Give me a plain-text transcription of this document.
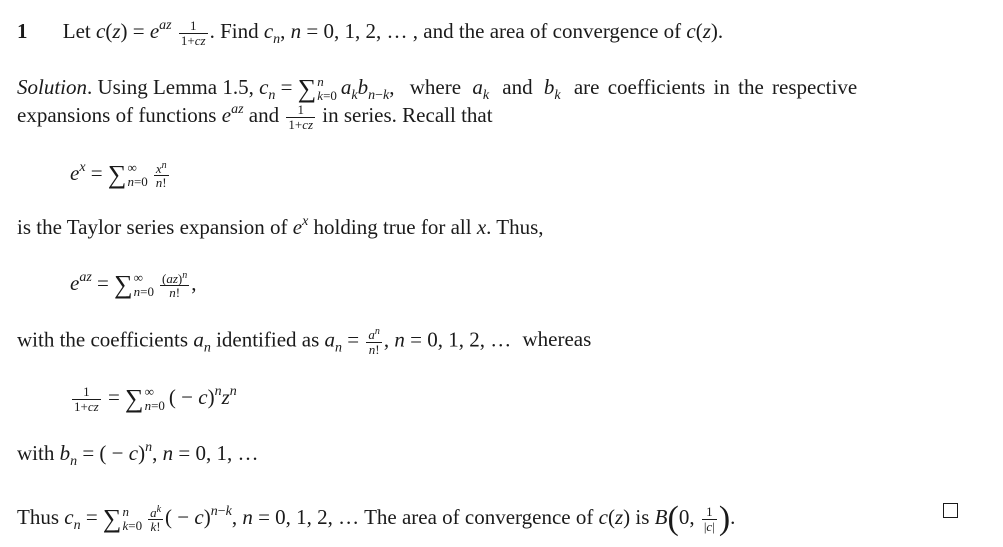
1 Let $c(z) = e^{az} \frac{1}{1+cz}$ . Find $c_n$, n = 0, 1, 2, … , and the area of convergence of c(z).
Solution. Using Lemma 1.5, $c_n$ = ∑ n
k=0 $a_kb_{n-k}$, where $a_k$ and $b_k$ are coefficients in the respective
expansions of functions $e^{az}$ and $\frac{1}{1+cz}$ in series. Recall that
$e^x$ = ∑ ∞
$n=0 \frac{x^n}{n!}$
is the Taylor series expansion of $e^x$ holding true for all x. Thus,
$e^{az}$ = ∑ ∞
$n=0 \frac{(az)^n}{n!}$ ,
with the coefficients $a_n$ identified as $a_n = \frac{a^n}{n!}$ , n = 0, 1, 2, … whereas
$\frac{1}{1+cz}$ = ∑ ∞
n=0 ( − $c)^nz^n$
with $b_n$ = ( − c)$^n$, n = 0, 1, …
Thus $c_n$ = ∑ n
$k=0 \frac{a^k}{k!}$ ( − c)$^{n-k}$, n = 0, 1, 2, … The area of convergence of c(z) is B(0, $\frac{1}{|c|}$ ).
